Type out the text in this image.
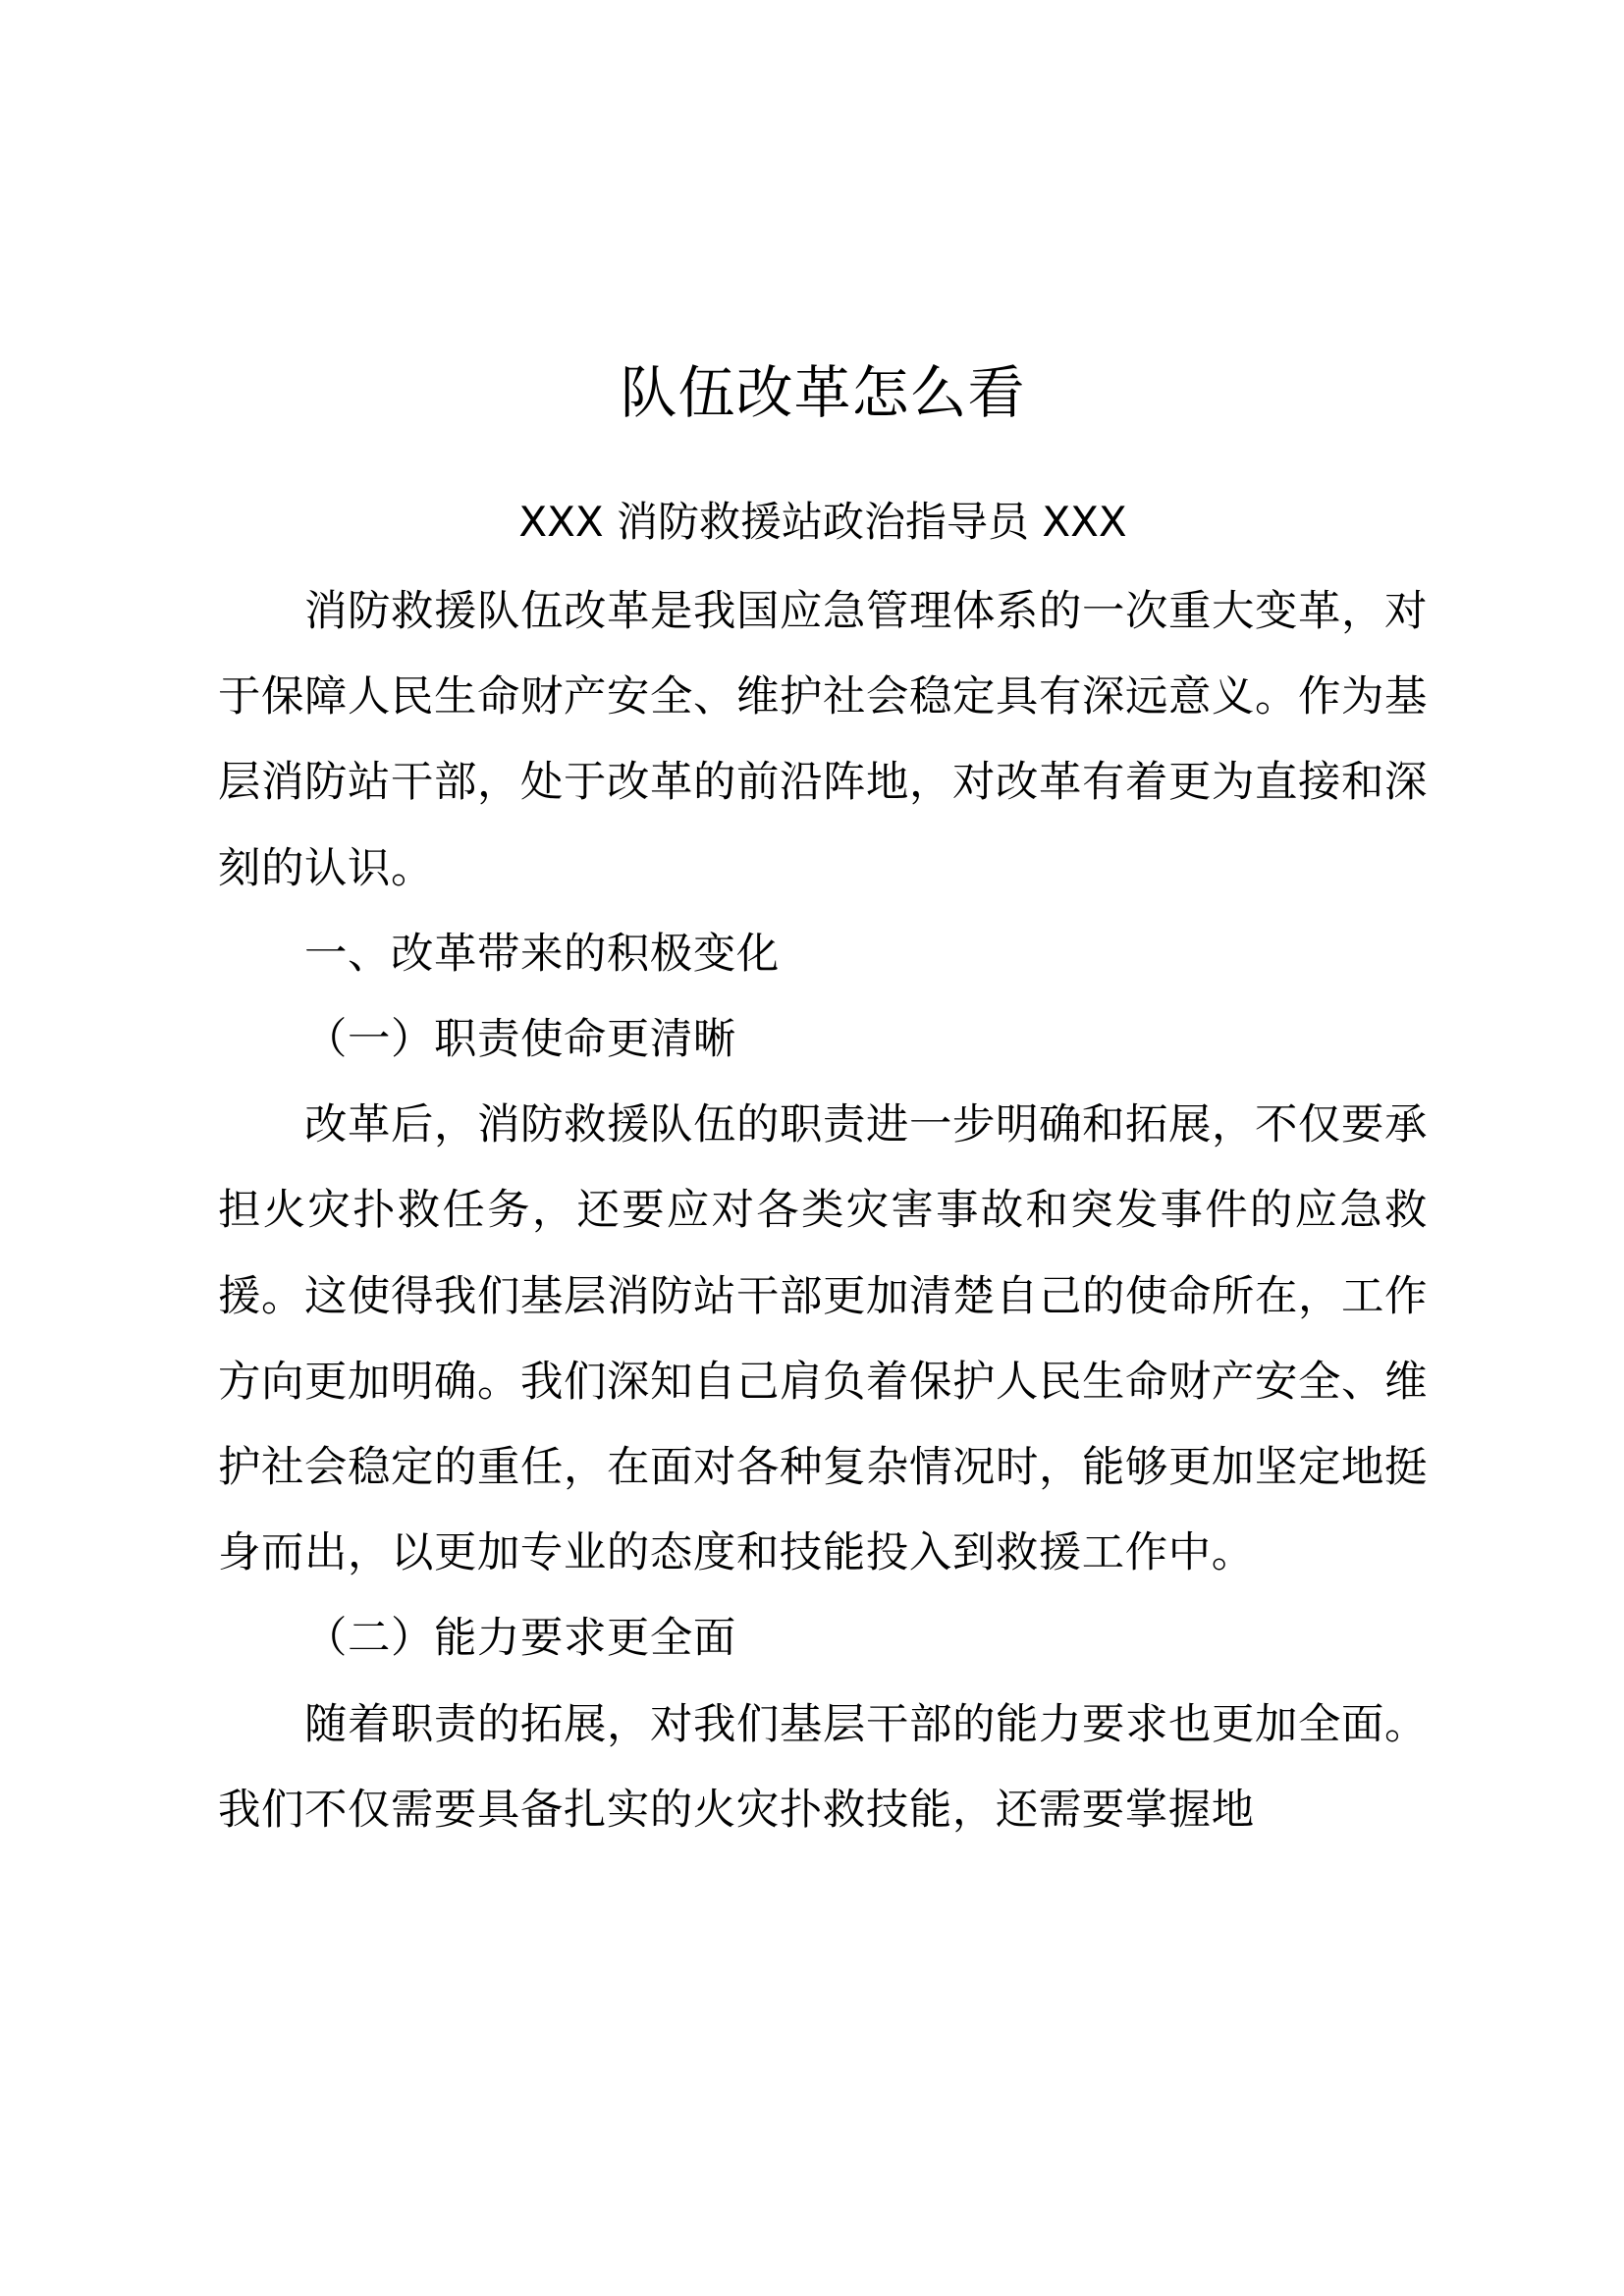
队伍改革怎么看
XXX 消防救援站政治指导员 XXX

消防救援队伍改革是我国应急管理体系的一次重大变革，对于保障人民生命财产安全、维护社会稳定具有深远意义。作为基层消防站干部，处于改革的前沿阵地，对改革有着更为直接和深刻的认识。

一、改革带来的积极变化

（一）职责使命更清晰

改革后，消防救援队伍的职责进一步明确和拓展，不仅要承担火灾扑救任务，还要应对各类灾害事故和突发事件的应急救援。这使得我们基层消防站干部更加清楚自己的使命所在，工作方向更加明确。我们深知自己肩负着保护人民生命财产安全、维护社会稳定的重任，在面对各种复杂情况时，能够更加坚定地挺身而出，以更加专业的态度和技能投入到救援工作中。

（二）能力要求更全面

随着职责的拓展，对我们基层干部的能力要求也更加全面。我们不仅需要具备扎实的火灾扑救技能，还需要掌握地
